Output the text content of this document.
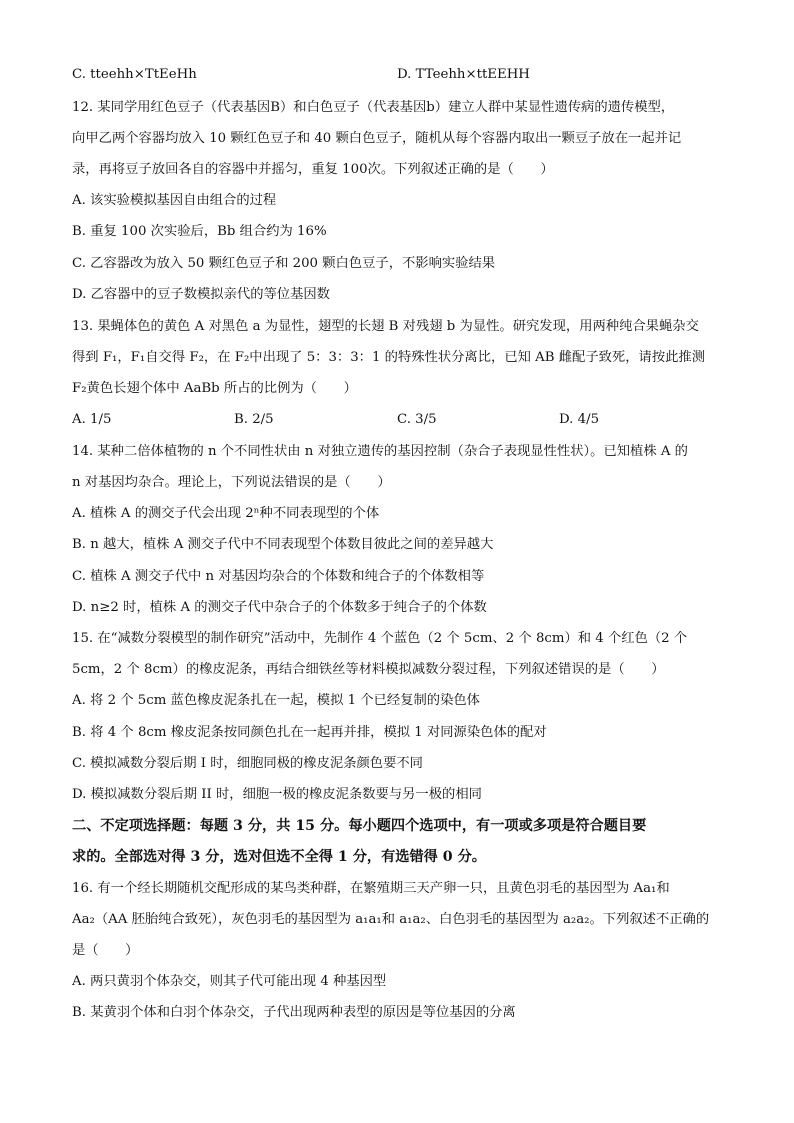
C. tteehh×TtEeHh	D. TTeehh×ttEEHH
12. 某同学用红色豆子（代表基因B）和白色豆子（代表基因b）建立人群中某显性遗传病的遗传模型，
向甲乙两个容器均放入 10 颗红色豆子和 40 颗白色豆子，随机从每个容器内取出一颗豆子放在一起并记
录，再将豆子放回各自的容器中并摇匀，重复 100次。下列叙述正确的是（　　）
A. 该实验模拟基因自由组合的过程
B. 重复 100 次实验后，Bb 组合约为 16%
C. 乙容器改为放入 50 颗红色豆子和 200 颗白色豆子，不影响实验结果
D. 乙容器中的豆子数模拟亲代的等位基因数
13. 果蝇体色的黄色 A 对黑色 a 为显性，翅型的长翅 B 对残翅 b 为显性。研究发现，用两种纯合果蝇杂交
得到 F₁，F₁自交得 F₂，在 F₂中出现了 5：3：3：1 的特殊性状分离比，已知 AB 雌配子致死，请按此推测
F₂黄色长翅个体中 AaBb 所占的比例为（　　）
A. 1/5	B. 2/5	C. 3/5	D. 4/5
14. 某种二倍体植物的 n 个不同性状由 n 对独立遗传的基因控制（杂合子表现显性性状）。已知植株 A 的
n 对基因均杂合。理论上，下列说法错误的是（　　）
A. 植株 A 的测交子代会出现 2ⁿ种不同表现型的个体
B. n 越大，植株 A 测交子代中不同表现型个体数目彼此之间的差异越大
C. 植株 A 测交子代中 n 对基因均杂合的个体数和纯合子的个体数相等
D. n≥2 时，植株 A 的测交子代中杂合子的个体数多于纯合子的个体数
15. 在“减数分裂模型的制作研究”活动中，先制作 4 个蓝色（2 个 5cm、2 个 8cm）和 4 个红色（2 个
5cm，2 个 8cm）的橡皮泥条，再结合细铁丝等材料模拟减数分裂过程，下列叙述错误的是（　　）
A. 将 2 个 5cm 蓝色橡皮泥条扎在一起，模拟 1 个已经复制的染色体
B. 将 4 个 8cm 橡皮泥条按同颜色扎在一起再并排，模拟 1 对同源染色体的配对
C. 模拟减数分裂后期 I 时，细胞同极的橡皮泥条颜色要不同
D. 模拟减数分裂后期 II 时，细胞一极的橡皮泥条数要与另一极的相同
二、不定项选择题：每题 3 分，共 15 分。每小题四个选项中，有一项或多项是符合题目要
求的。全部选对得 3 分，选对但选不全得 1 分，有选错得 0 分。
16. 有一个经长期随机交配形成的某鸟类种群，在繁殖期三天产卵一只，且黄色羽毛的基因型为 Aa₁和
Aa₂（AA 胚胎纯合致死），灰色羽毛的基因型为 a₁a₁和 a₁a₂、白色羽毛的基因型为 a₂a₂。下列叙述不正确的
是（　　）
A. 两只黄羽个体杂交，则其子代可能出现 4 种基因型
B. 某黄羽个体和白羽个体杂交，子代出现两种表型的原因是等位基因的分离
